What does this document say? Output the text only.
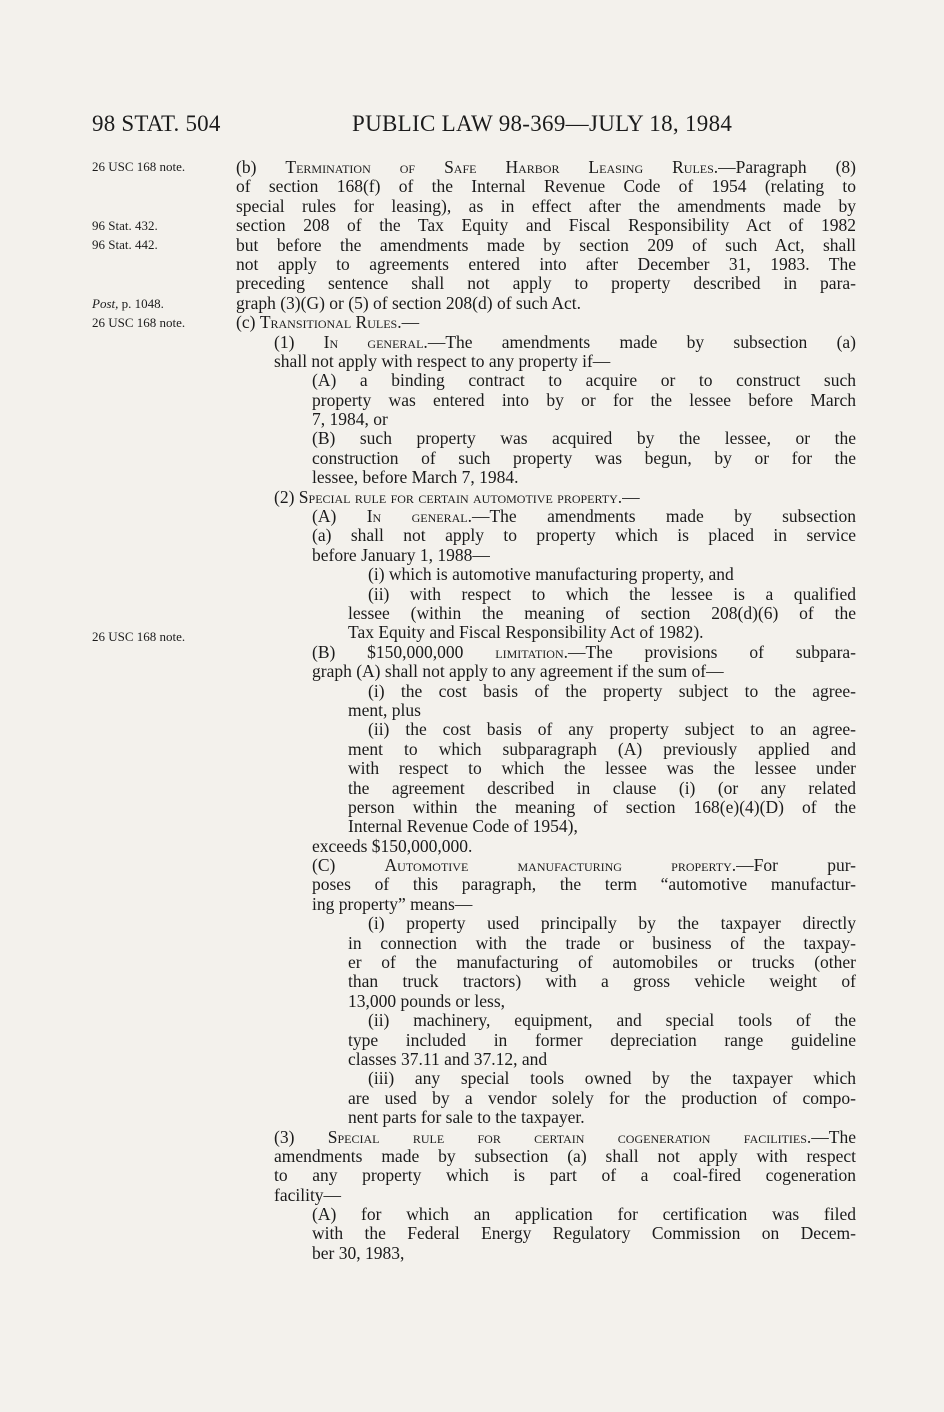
98 STAT. 504	PUBLIC LAW 98-369—JULY 18, 1984
26 USC 168 note.
96 Stat. 432.
96 Stat. 442.
Post, p. 1048.
26 USC 168 note.
26 USC 168 note.
(b) Termination of Safe Harbor Leasing Rules.—Paragraph (8)
of section 168(f) of the Internal Revenue Code of 1954 (relating to
special rules for leasing), as in effect after the amendments made by
section 208 of the Tax Equity and Fiscal Responsibility Act of 1982
but before the amendments made by section 209 of such Act, shall
not apply to agreements entered into after December 31, 1983. The
preceding sentence shall not apply to property described in para-
graph (3)(G) or (5) of section 208(d) of such Act.
(c) Transitional Rules.—
(1) In general.—The amendments made by subsection (a)
shall not apply with respect to any property if—
(A) a binding contract to acquire or to construct such
property was entered into by or for the lessee before March
7, 1984, or
(B) such property was acquired by the lessee, or the
construction of such property was begun, by or for the
lessee, before March 7, 1984.
(2) Special rule for certain automotive property.—
(A) In general.—The amendments made by subsection
(a) shall not apply to property which is placed in service
before January 1, 1988—
(i) which is automotive manufacturing property, and
(ii) with respect to which the lessee is a qualified
lessee (within the meaning of section 208(d)(6) of the
Tax Equity and Fiscal Responsibility Act of 1982).
(B) $150,000,000 limitation.—The provisions of subpara-
graph (A) shall not apply to any agreement if the sum of—
(i) the cost basis of the property subject to the agree-
ment, plus
(ii) the cost basis of any property subject to an agree-
ment to which subparagraph (A) previously applied and
with respect to which the lessee was the lessee under
the agreement described in clause (i) (or any related
person within the meaning of section 168(e)(4)(D) of the
Internal Revenue Code of 1954),
exceeds $150,000,000.
(C) Automotive manufacturing property.—For pur-
poses of this paragraph, the term “automotive manufactur-
ing property” means—
(i) property used principally by the taxpayer directly
in connection with the trade or business of the taxpay-
er of the manufacturing of automobiles or trucks (other
than truck tractors) with a gross vehicle weight of
13,000 pounds or less,
(ii) machinery, equipment, and special tools of the
type included in former depreciation range guideline
classes 37.11 and 37.12, and
(iii) any special tools owned by the taxpayer which
are used by a vendor solely for the production of compo-
nent parts for sale to the taxpayer.
(3) Special rule for certain cogeneration facilities.—The
amendments made by subsection (a) shall not apply with respect
to any property which is part of a coal-fired cogeneration
facility—
(A) for which an application for certification was filed
with the Federal Energy Regulatory Commission on Decem-
ber 30, 1983,
